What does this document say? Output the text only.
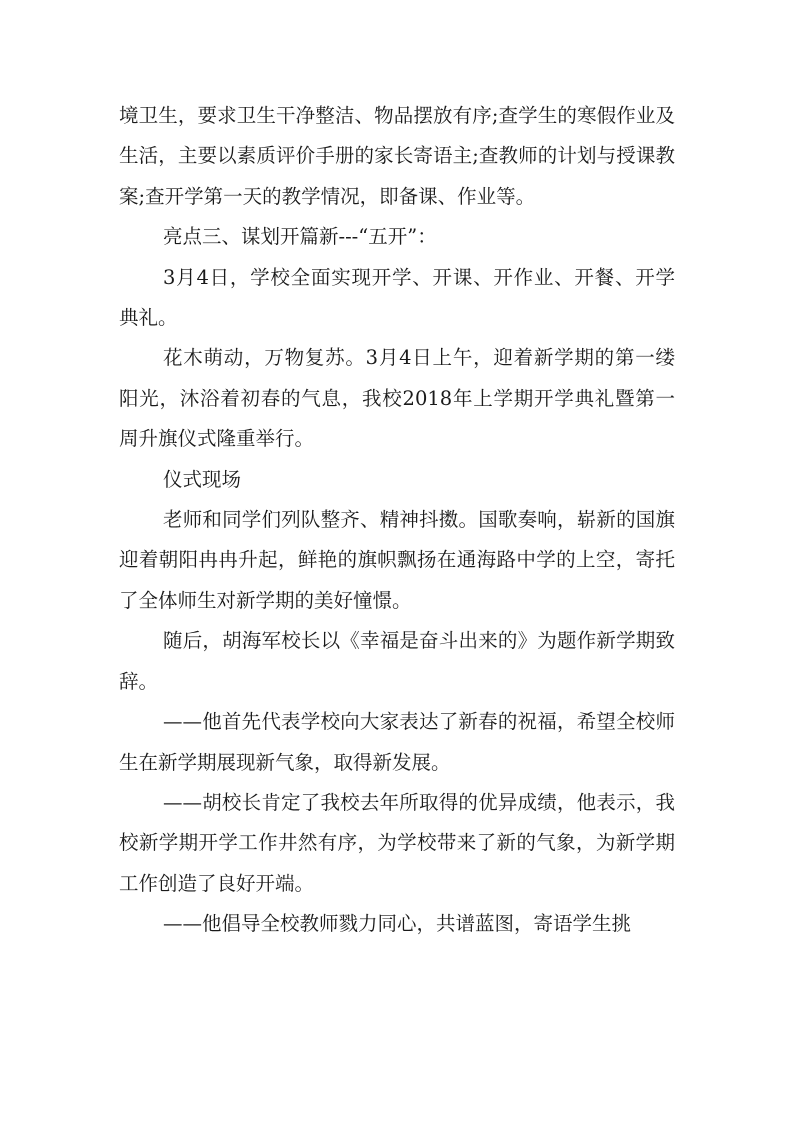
境卫生，要求卫生干净整洁、物品摆放有序;查学生的寒假作业及生活，主要以素质评价手册的家长寄语主;查教师的计划与授课教案;查开学第一天的教学情况，即备课、作业等。

亮点三、谋划开篇新---“五开”：

3月4日，学校全面实现开学、开课、开作业、开餐、开学典礼。

花木萌动，万物复苏。3月4日上午，迎着新学期的第一缕阳光，沐浴着初春的气息，我校2018年上学期开学典礼暨第一周升旗仪式隆重举行。

仪式现场

老师和同学们列队整齐、精神抖擞。国歌奏响，崭新的国旗迎着朝阳冉冉升起，鲜艳的旗帜飘扬在通海路中学的上空，寄托了全体师生对新学期的美好憧憬。

随后，胡海军校长以《幸福是奋斗出来的》为题作新学期致辞。

——他首先代表学校向大家表达了新春的祝福，希望全校师生在新学期展现新气象，取得新发展。

——胡校长肯定了我校去年所取得的优异成绩，他表示，我校新学期开学工作井然有序，为学校带来了新的气象，为新学期工作创造了良好开端。

——他倡导全校教师戮力同心，共谱蓝图，寄语学生挑
